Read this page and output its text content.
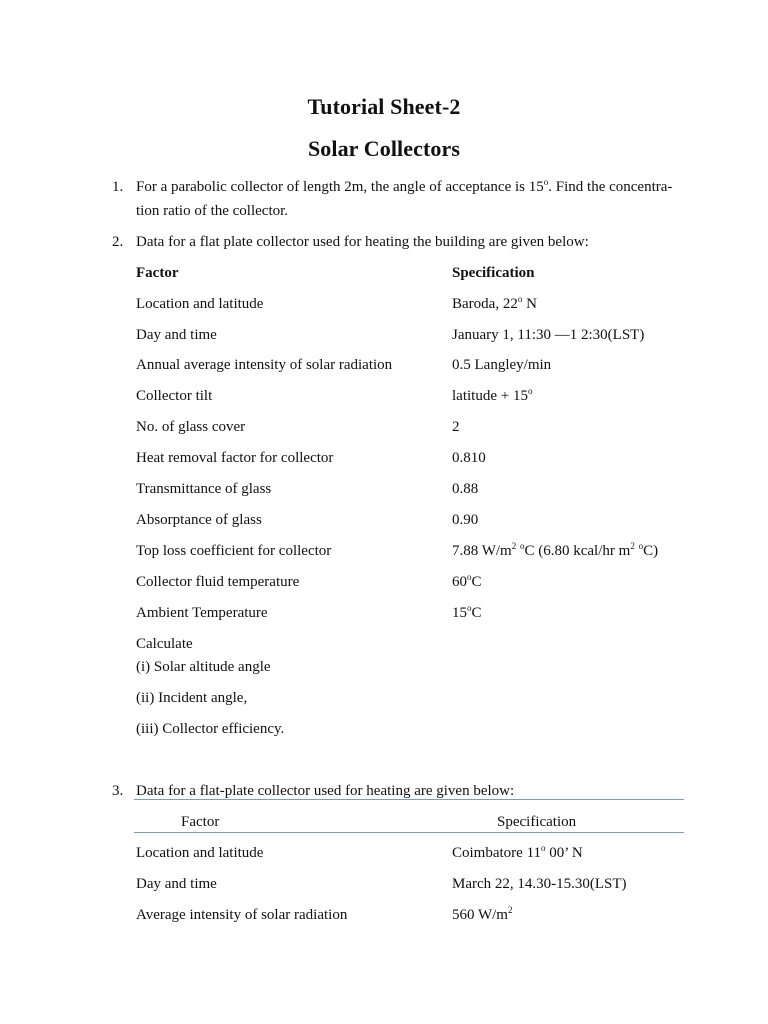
Tutorial Sheet-2
Solar Collectors
1. For a parabolic collector of length 2m, the angle of acceptance is 15$^o$. Find the concentra-
tion ratio of the collector.
2. Data for a flat plate collector used for heating the building are given below:
Factor	Specification
Location and latitude	Baroda, 22$^o$ N
Day and time	January 1, 11:30 —1 2:30(LST)
Annual average intensity of solar radiation	0.5 Langley/min
Collector tilt	latitude + $15^o$
No. of glass cover	2
Heat removal factor for collector	0.810
Transmittance of glass	0.88
Absorptance of glass	0.90
Top loss coefficient for collector	7.88 $W/m^2$ $^o$C (6.80 kcal/hr $m^2$ $^o$C)
Collector fluid temperature	60$^o$C
Ambient Temperature	15$^o$C
Calculate
(i) Solar altitude angle
(ii) Incident angle,
(iii) Collector efficiency.
3. Data for a flat-plate collector used for heating are given below:
Factor	Specification
Location and latitude	Coimbatore 11$^o$ 00’ N
Day and time	March 22, 14.30-15.30(LST)
Average intensity of solar radiation	560 $W/m^2$
